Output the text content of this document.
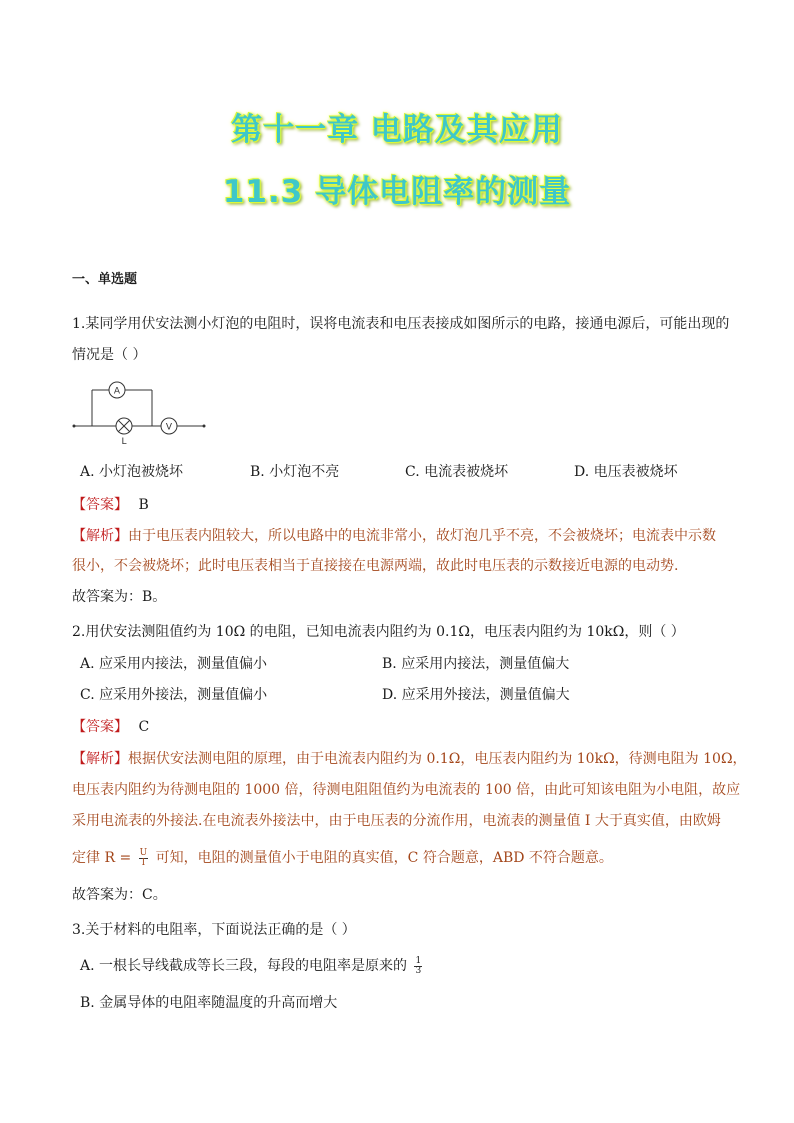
第十一章 电路及其应用
11.3 导体电阻率的测量
一、单选题
1.某同学用伏安法测小灯泡的电阻时，误将电流表和电压表接成如图所示的电路，接通电源后，可能出现的
情况是（ ）
A
L
V
A. 小灯泡被烧坏	B. 小灯泡不亮	C. 电流表被烧坏	D. 电压表被烧坏
【答案】 B
【解析】由于电压表内阻较大，所以电路中的电流非常小，故灯泡几乎不亮，不会被烧坏；电流表中示数
很小，不会被烧坏；此时电压表相当于直接接在电源两端，故此时电压表的示数接近电源的电动势.
故答案为：B。
2.用伏安法测阻值约为 10Ω 的电阻，已知电流表内阻约为 0.1Ω，电压表内阻约为 10kΩ，则（ ）
A. 应采用内接法，测量值偏小	B. 应采用内接法，测量值偏大
C. 应采用外接法，测量值偏小	D. 应采用外接法，测量值偏大
【答案】 C
【解析】根据伏安法测电阻的原理，由于电流表内阻约为 0.1Ω，电压表内阻约为 10kΩ，待测电阻为 10Ω，
电压表内阻约为待测电阻的 1000 倍，待测电阻阻值约为电流表的 100 倍，由此可知该电阻为小电阻，故应
采用电流表的外接法.在电流表外接法中，由于电压表的分流作用，电流表的测量值 I 大于真实值，由欧姆
定律 $R = \frac{U}{I}$ 可知，电阻的测量值小于电阻的真实值，C 符合题意，ABD 不符合题意。
故答案为：C。
3.关于材料的电阻率，下面说法正确的是（ ）
A. 一根长导线截成等长三段，每段的电阻率是原来的 $\frac{1}{3}$
B. 金属导体的电阻率随温度的升高而增大
